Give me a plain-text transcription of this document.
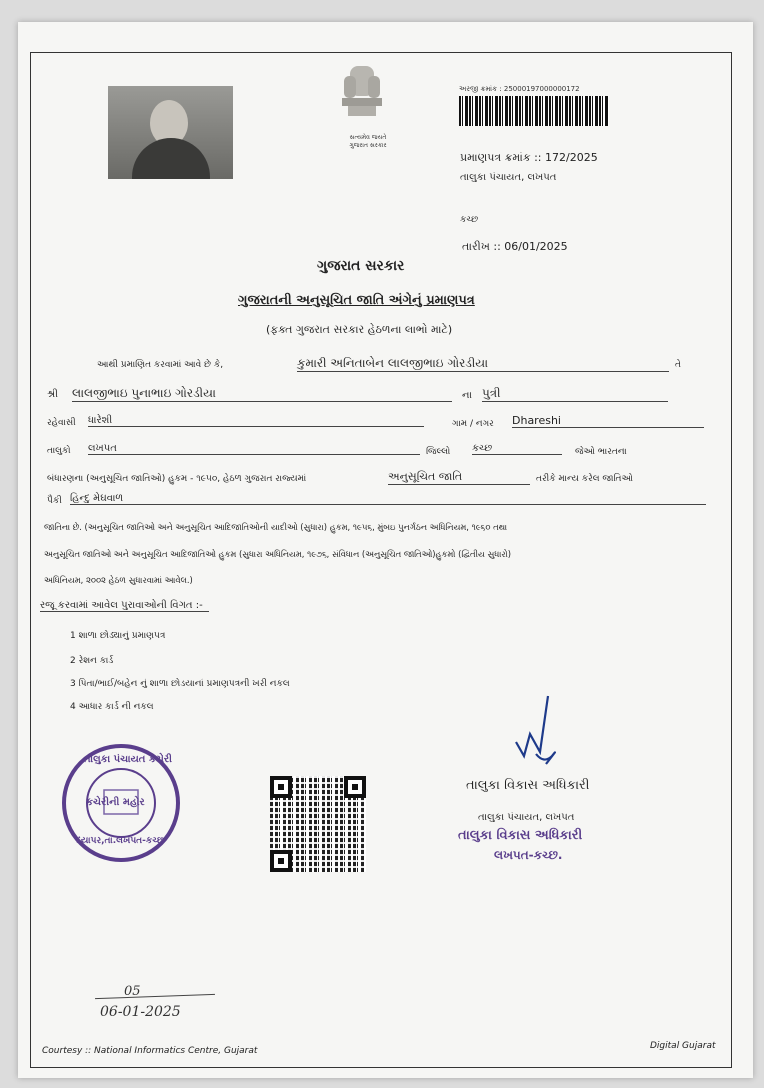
સત્યમેવ જયતે
ગુજરાત સરકાર
અરજી ક્રમાંક : 25000197000000172
પ્રમાણપત્ર ક્રમાંક :: 172/2025
તાલુકા પંચાયત, લખપત
કચ્છ
તારીખ :: 06/01/2025
ગુજરાત સરકાર
ગુજરાતની અનુસૂચિત જાતિ અંગેનું પ્રમાણપત્ર
(ફક્ત ગુજરાત સરકાર હેઠળના લાભો માટે)
આથી પ્રમાણિત કરવામાં આવે છે કે,	કુમારી અનિતાબેન લાલજીભાઇ ગોરડીયા	તે
શ્રી લાલજીભાઇ પુનાભાઇ ગોરડીયા	ના પુત્રી
રહેવાસી ધારેશી	ગામ / નગર Dhareshi
તાલુકો લખપત	જિલ્લો કચ્છ	જેઓ ભારતના
બંધારણના (અનુસૂચિત જાતિઓ) હુકમ - ૧૯૫૦, હેઠળ ગુજરાત રાજ્યમાં	અનુસૂચિત જાતિ	તરીકે માન્ય કરેલ જાતિઓ
પૈકી હિન્દુ મેઘવાળ
જાતિના છે. (અનુસૂચિત જાતિઓ અને અનુસૂચિત આદિજાતિઓની યાદીઓ (સુધારા) હુકમ, ૧૯૫૬, મુંબઇ પુનર્ગઠન અધિનિયમ, ૧૯૬૦ તથા
અનુસૂચિત જાતિઓ અને અનુસૂચિત આદિજાતિઓ હુકમ (સુધારા અધિનિયમ, ૧૯૭૬, સંવિધાન (અનુસૂચિત જાતિઓ)હુકમો (દ્વિતીય સુધારો)
અધિનિયમ, ૨૦૦૨ હેઠળ સુધારવામાં આવેલ.)
રજૂ કરવામાં આવેલ પુરાવાઓની વિગત :-
1 શાળા છોડ્યાનું પ્રમાણપત્ર
2 રેશન કાર્ડ
3 પિતા/ભાઈ/બહેન નું શાળા છોડયાનાં પ્રમાણપત્રની ખરી નકલ
4 આધાર કાર્ડ ની નકલ
તાલુકા પંચાયત કચેરી
કચેરીની મહોર
દયાપર,તા.લખપત-કચ્છ
તાલુકા વિકાસ અધિકારી
તાલુકા પંચાયત, લખપત
તાલુકા વિકાસ અધિકારી
લખપત-કચ્છ.
05
06-01-2025
Courtesy :: National Informatics Centre, Gujarat	Digital Gujarat
